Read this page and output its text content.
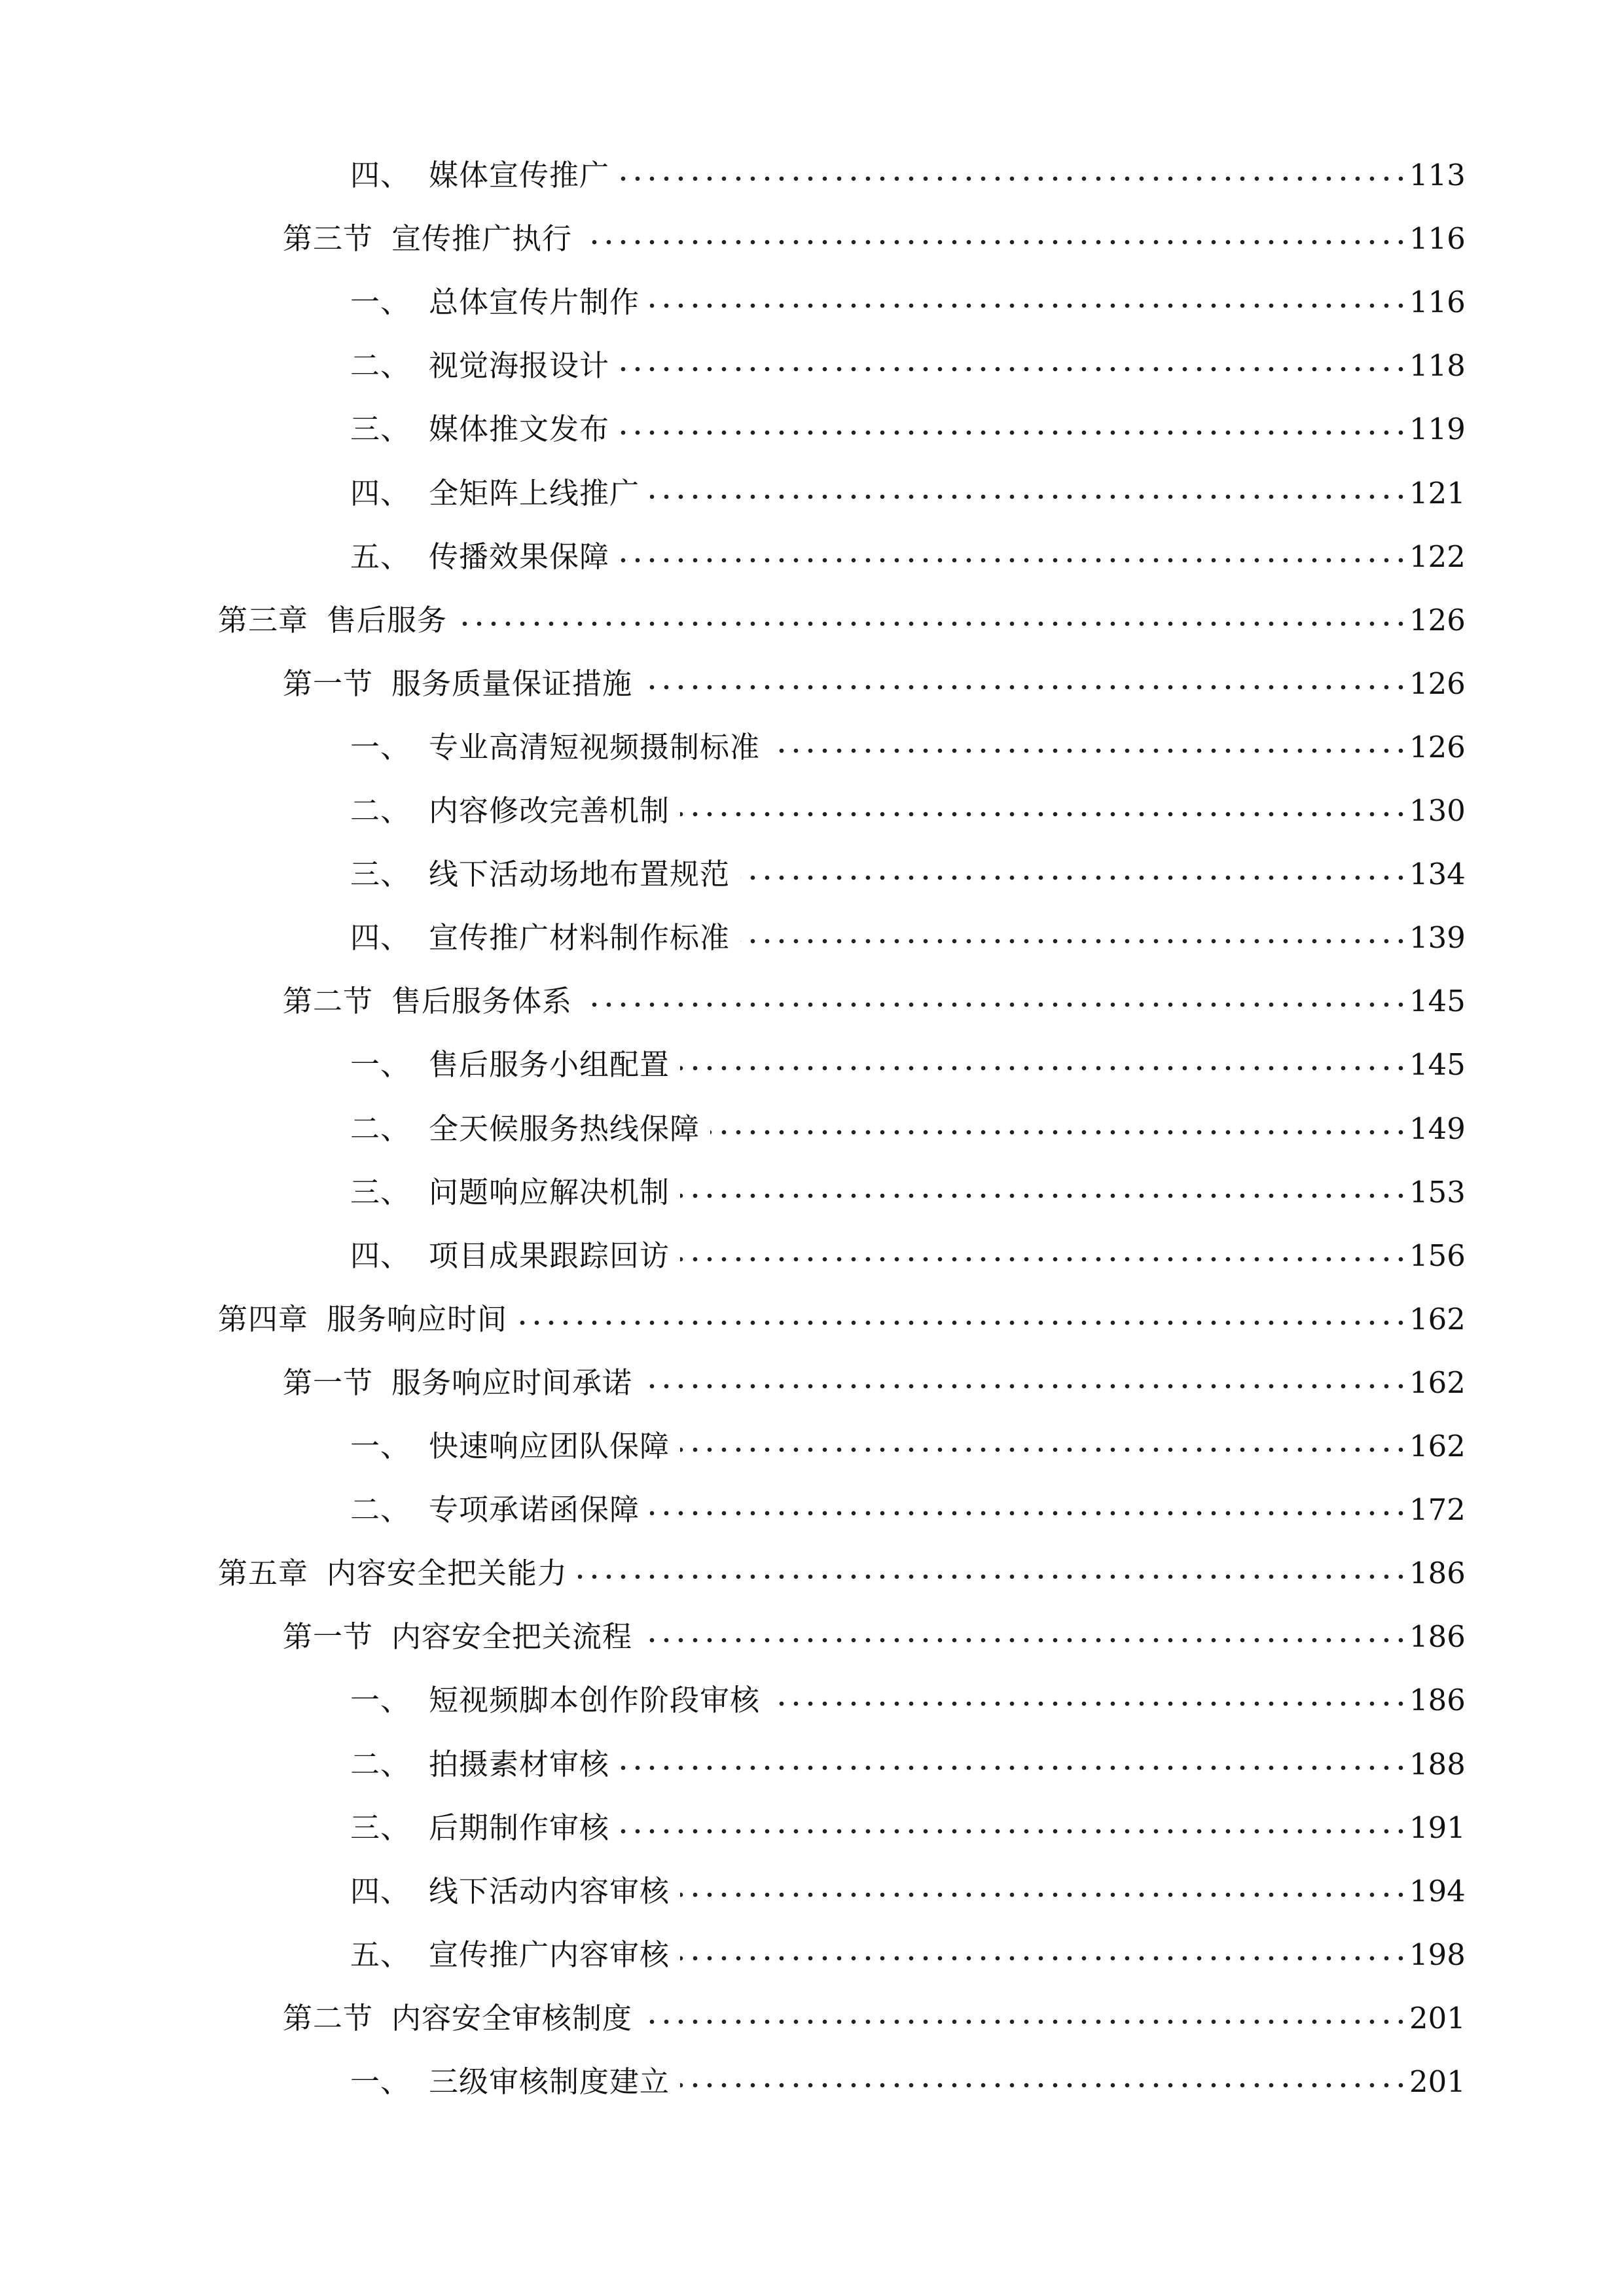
四、 媒体宣传推广	113
第三节 宣传推广执行	116
一、 总体宣传片制作	116
二、 视觉海报设计	118
三、 媒体推文发布	119
四、 全矩阵上线推广	121
五、 传播效果保障	122
第三章 售后服务	126
第一节 服务质量保证措施	126
一、 专业高清短视频摄制标准	126
二、 内容修改完善机制	130
三、 线下活动场地布置规范	134
四、 宣传推广材料制作标准	139
第二节 售后服务体系	145
一、 售后服务小组配置	145
二、 全天候服务热线保障	149
三、 问题响应解决机制	153
四、 项目成果跟踪回访	156
第四章 服务响应时间	162
第一节 服务响应时间承诺	162
一、 快速响应团队保障	162
二、 专项承诺函保障	172
第五章 内容安全把关能力	186
第一节 内容安全把关流程	186
一、 短视频脚本创作阶段审核	186
二、 拍摄素材审核	188
三、 后期制作审核	191
四、 线下活动内容审核	194
五、 宣传推广内容审核	198
第二节 内容安全审核制度	201
一、 三级审核制度建立	201
